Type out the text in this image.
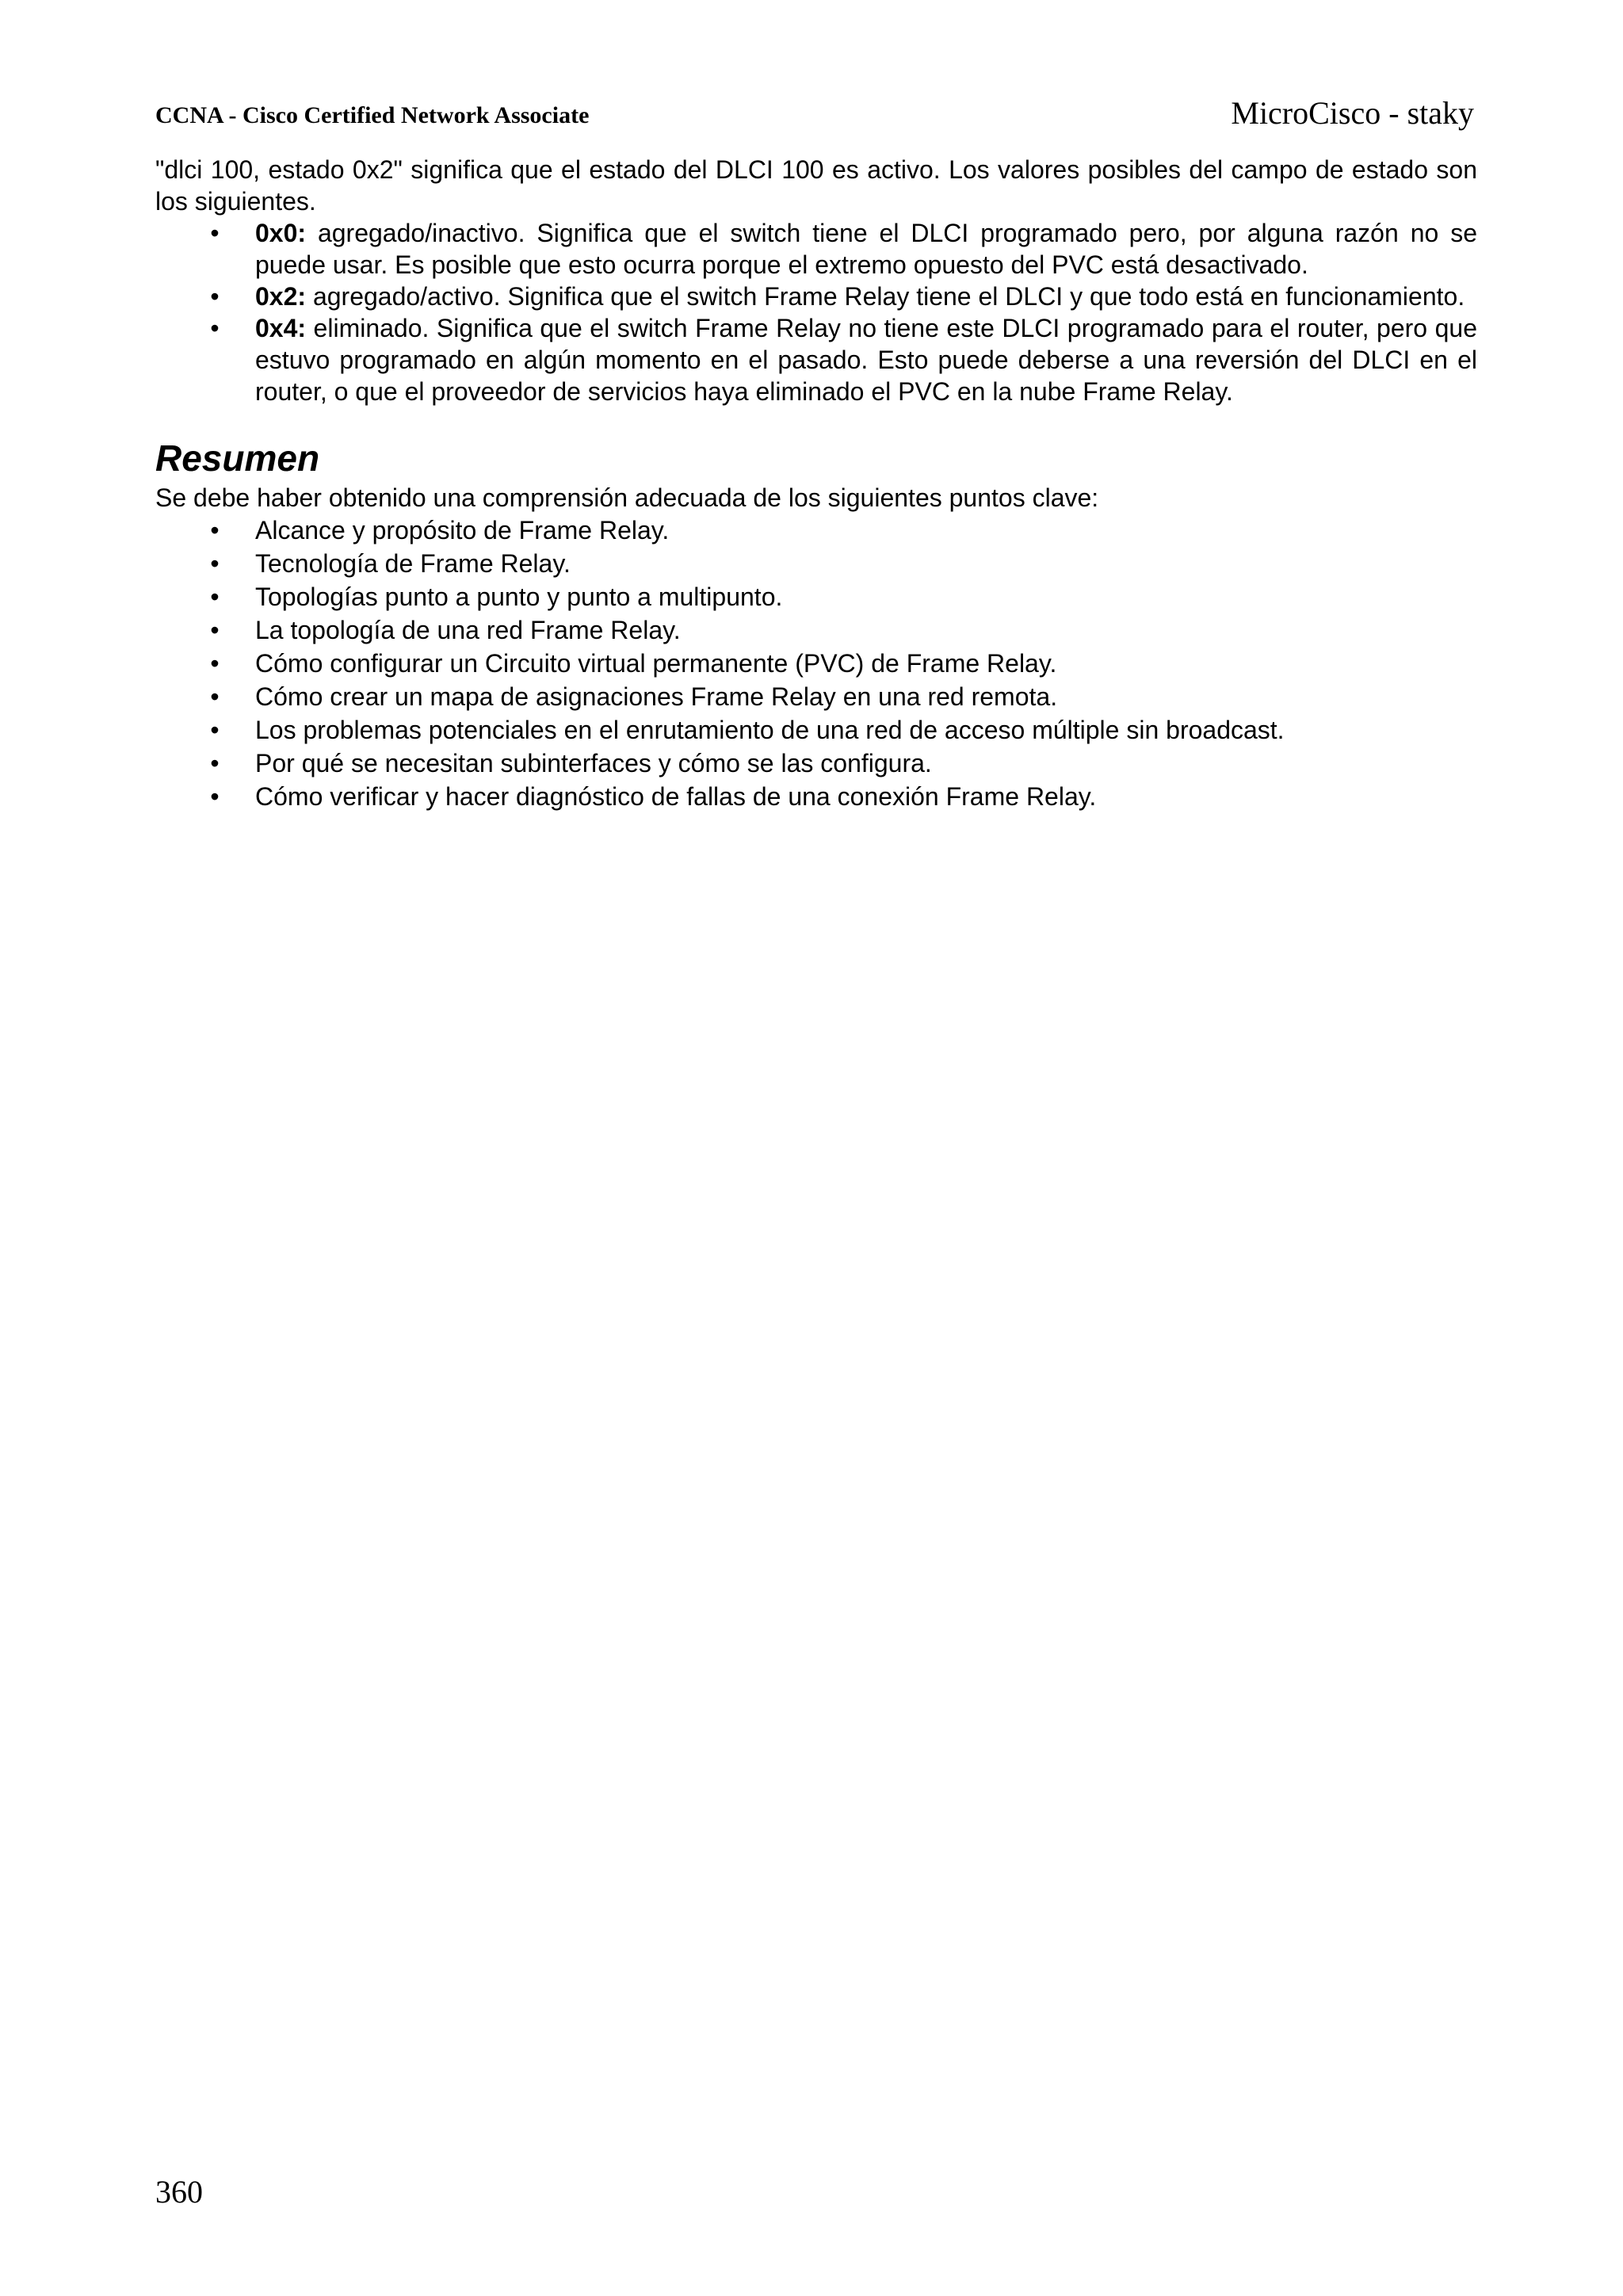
CCNA - Cisco Certified Network Associate	MicroCisco - staky

"dlci 100, estado 0x2" significa que el estado del DLCI 100 es activo. Los valores posibles del campo de estado son los siguientes.

• 0x0: agregado/inactivo. Significa que el switch tiene el DLCI programado pero, por alguna razón no se puede usar. Es posible que esto ocurra porque el extremo opuesto del PVC está desactivado.

• 0x2: agregado/activo. Significa que el switch Frame Relay tiene el DLCI y que todo está en funcionamiento.

• 0x4: eliminado. Significa que el switch Frame Relay no tiene este DLCI programado para el router, pero que estuvo programado en algún momento en el pasado. Esto puede deberse a una reversión del DLCI en el router, o que el proveedor de servicios haya eliminado el PVC en la nube Frame Relay.

Resumen

Se debe haber obtenido una comprensión adecuada de los siguientes puntos clave:

• Alcance y propósito de Frame Relay.
• Tecnología de Frame Relay.
• Topologías punto a punto y punto a multipunto.
• La topología de una red Frame Relay.
• Cómo configurar un Circuito virtual permanente (PVC) de Frame Relay.
• Cómo crear un mapa de asignaciones Frame Relay en una red remota.
• Los problemas potenciales en el enrutamiento de una red de acceso múltiple sin broadcast.
• Por qué se necesitan subinterfaces y cómo se las configura.
• Cómo verificar y hacer diagnóstico de fallas de una conexión Frame Relay.
360
